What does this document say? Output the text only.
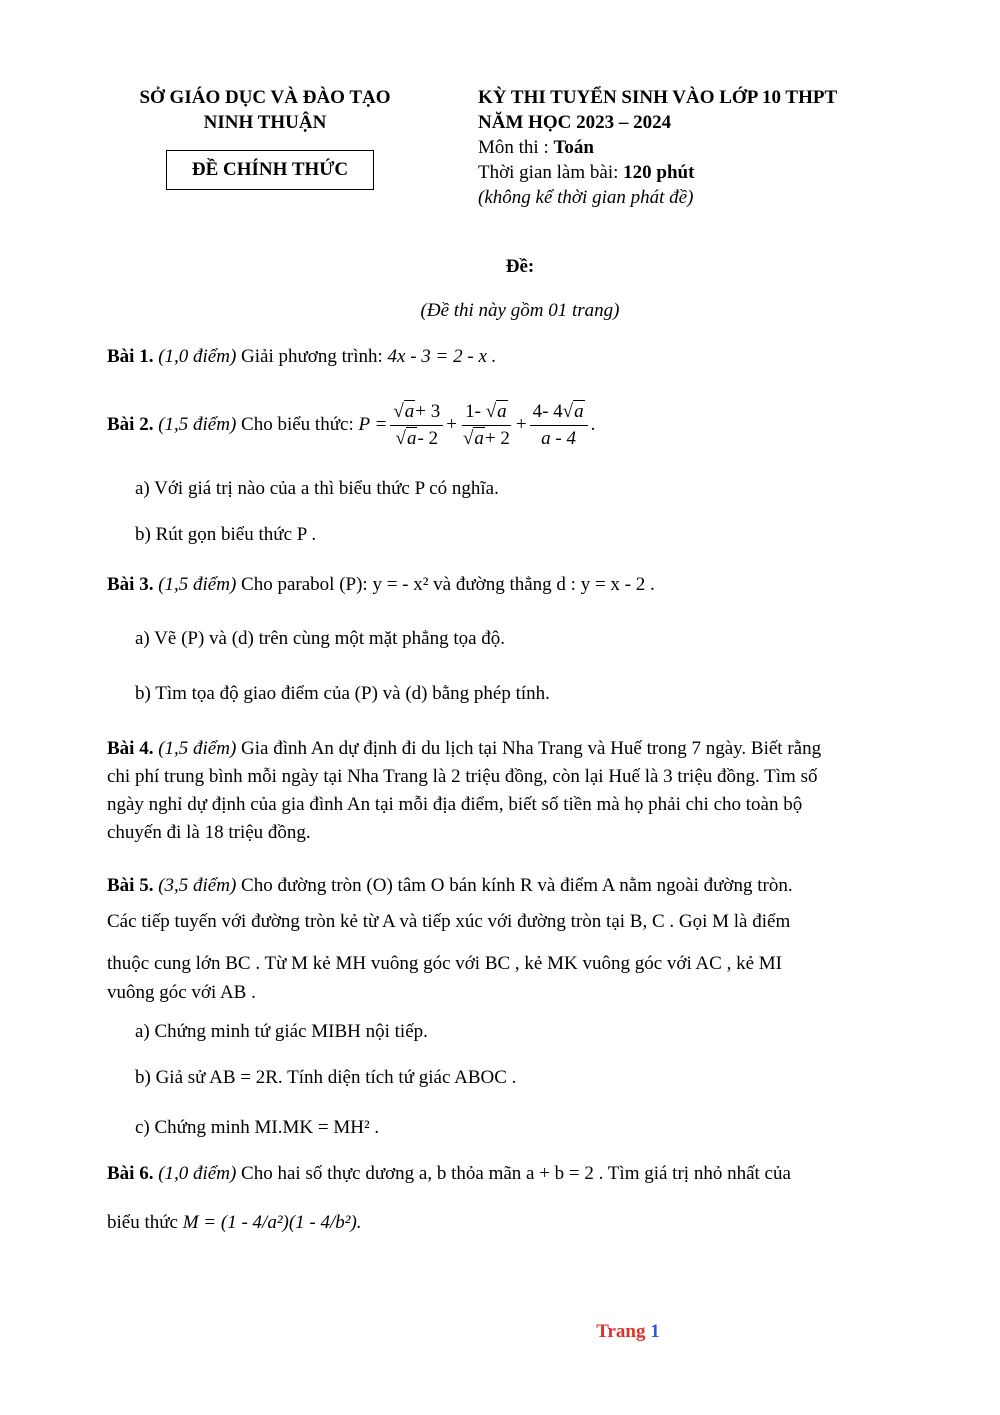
SỞ GIÁO DỤC VÀ ĐÀO TẠO
NINH THUẬN
ĐỀ CHÍNH THỨC
KỲ THI TUYỂN SINH VÀO LỚP 10 THPT
NĂM HỌC 2023 – 2024
Môn thi : Toán
Thời gian làm bài: 120 phút
(không kể thời gian phát đề)
Đề:
(Đề thi này gồm 01 trang)
Bài 1. (1,0 điểm) Giải phương trình: 4x - 3 = 2 - x .
Bài 2.
(1,5 điểm)
Cho biểu thức: $P = \frac{√a+ 3}{√a- 2} + \frac{1- √a}{√a+ 2} + \frac{4- 4√a}{a - 4}$ .
a) Với giá trị nào của a thì biểu thức P có nghĩa.
b) Rút gọn biểu thức P .
Bài 3. (1,5 điểm) Cho parabol (P): y = - x² và đường thẳng d : y = x - 2 .
a) Vẽ (P) và (d) trên cùng một mặt phẳng tọa độ.
b) Tìm tọa độ giao điểm của (P) và (d) bằng phép tính.
Bài 4. (1,5 điểm) Gia đình An dự định đi du lịch tại Nha Trang và Huế trong 7 ngày. Biết rằng
chi phí trung bình mỗi ngày tại Nha Trang là 2 triệu đồng, còn lại Huế là 3 triệu đồng. Tìm số
ngày nghỉ dự định của gia đình An tại mỗi địa điểm, biết số tiền mà họ phải chi cho toàn bộ
chuyến đi là 18 triệu đồng.
Bài 5. (3,5 điểm) Cho đường tròn (O) tâm O bán kính R và điểm A nằm ngoài đường tròn.
Các tiếp tuyến với đường tròn kẻ từ A và tiếp xúc với đường tròn tại B, C . Gọi M là điểm
thuộc cung lớn BC . Từ M kẻ MH vuông góc với BC , kẻ MK vuông góc với AC , kẻ MI
vuông góc với AB .
a) Chứng minh tứ giác MIBH nội tiếp.
b) Giả sử AB = 2R. Tính diện tích tứ giác ABOC .
c) Chứng minh MI.MK = MH² .
Bài 6. (1,0 điểm) Cho hai số thực dương a, b thỏa mãn a + b = 2 . Tìm giá trị nhỏ nhất của
biểu thức M = (1 - 4/a²)(1 - 4/b²).
Trang 1
